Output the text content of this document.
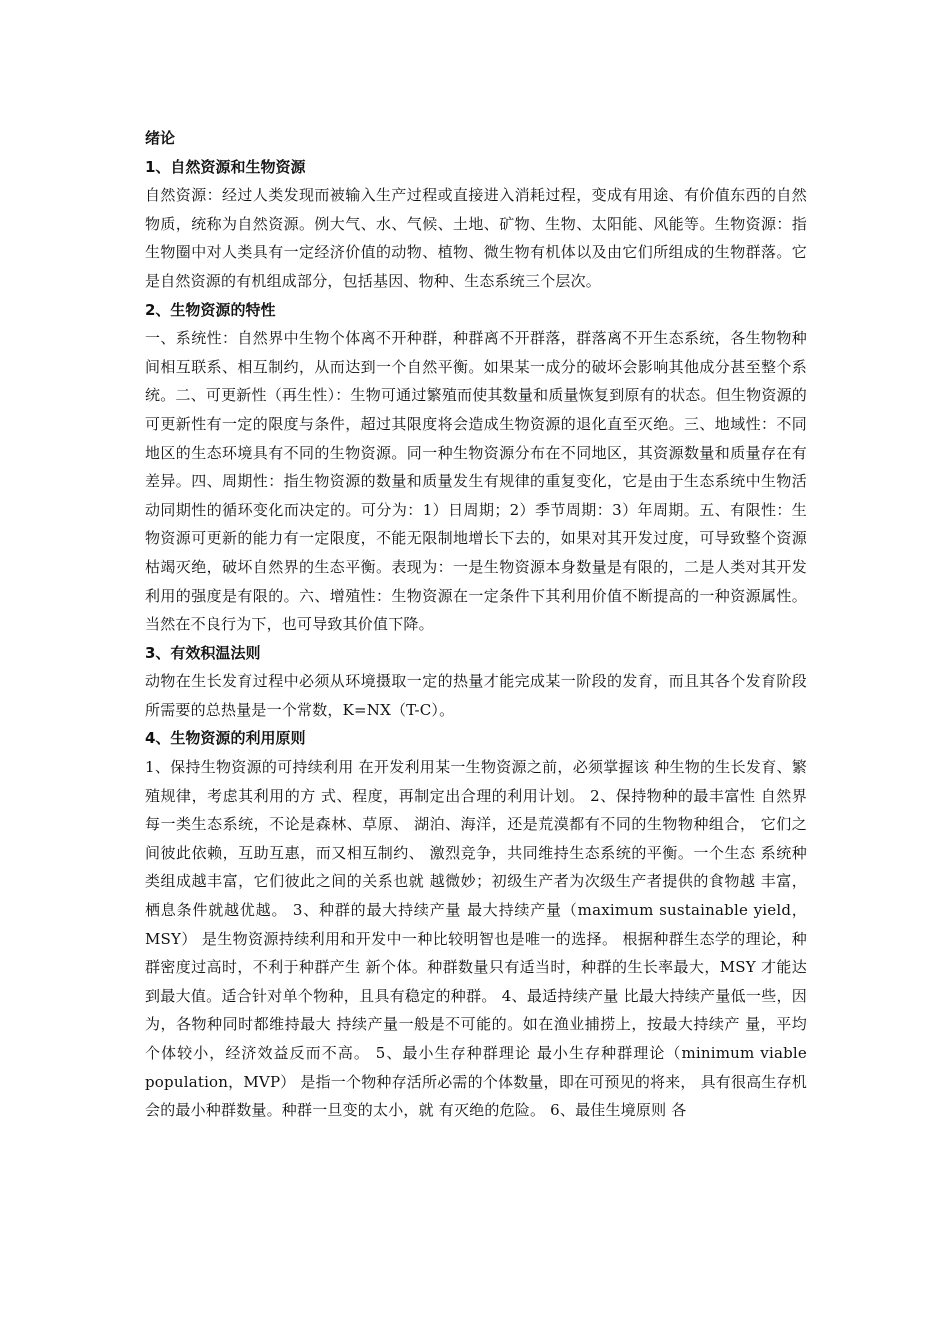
绪论

1、自然资源和生物资源

自然资源：经过人类发现而被输入生产过程或直接进入消耗过程，变成有用途、有价值东西的自然物质，统称为自然资源。例大气、水、气候、土地、矿物、生物、太阳能、风能等。生物资源：指生物圈中对人类具有一定经济价值的动物、植物、微生物有机体以及由它们所组成的生物群落。它是自然资源的有机组成部分，包括基因、物种、生态系统三个层次。

2、生物资源的特性

一、系统性：自然界中生物个体离不开种群，种群离不开群落，群落离不开生态系统，各生物物种间相互联系、相互制约，从而达到一个自然平衡。如果某一成分的破坏会影响其他成分甚至整个系统。二、可更新性（再生性）：生物可通过繁殖而使其数量和质量恢复到原有的状态。但生物资源的可更新性有一定的限度与条件，超过其限度将会造成生物资源的退化直至灭绝。三、地域性：不同地区的生态环境具有不同的生物资源。同一种生物资源分布在不同地区，其资源数量和质量存在有差异。四、周期性：指生物资源的数量和质量发生有规律的重复变化，它是由于生态系统中生物活动同期性的循环变化而决定的。可分为：1）日周期；2）季节周期：3）年周期。五、有限性：生物资源可更新的能力有一定限度，不能无限制地增长下去的，如果对其开发过度，可导致整个资源枯竭灭绝，破坏自然界的生态平衡。表现为：一是生物资源本身数量是有限的，二是人类对其开发利用的强度是有限的。六、增殖性：生物资源在一定条件下其利用价值不断提高的一种资源属性。当然在不良行为下，也可导致其价值下降。

3、有效积温法则

动物在生长发育过程中必须从环境摄取一定的热量才能完成某一阶段的发育，而且其各个发育阶段所需要的总热量是一个常数，K=NX（T-C）。

4、生物资源的利用原则

1、保持生物资源的可持续利用 在开发利用某一生物资源之前，必须掌握该 种生物的生长发育、繁殖规律，考虑其利用的方 式、程度，再制定出合理的利用计划。 2、保持物种的最丰富性 自然界每一类生态系统，不论是森林、草原、 湖泊、海洋，还是荒漠都有不同的生物物种组合， 它们之间彼此依赖，互助互惠，而又相互制约、 激烈竞争，共同维持生态系统的平衡。一个生态 系统种类组成越丰富，它们彼此之间的关系也就 越微妙；初级生产者为次级生产者提供的食物越 丰富，栖息条件就越优越。 3、种群的最大持续产量 最大持续产量（maximum sustainable yield，MSY） 是生物资源持续利用和开发中一种比较明智也是唯一的选择。 根据种群生态学的理论，种群密度过高时，不利于种群产生 新个体。种群数量只有适当时，种群的生长率最大，MSY 才能达到最大值。适合针对单个物种，且具有稳定的种群。 4、最适持续产量 比最大持续产量低一些，因为，各物种同时都维持最大 持续产量一般是不可能的。如在渔业捕捞上，按最大持续产 量，平均个体较小，经济效益反而不高。 5、最小生存种群理论 最小生存种群理论（minimum viable population，MVP） 是指一个物种存活所必需的个体数量，即在可预见的将来， 具有很高生存机会的最小种群数量。种群一旦变的太小，就 有灭绝的危险。 6、最佳生境原则 各
